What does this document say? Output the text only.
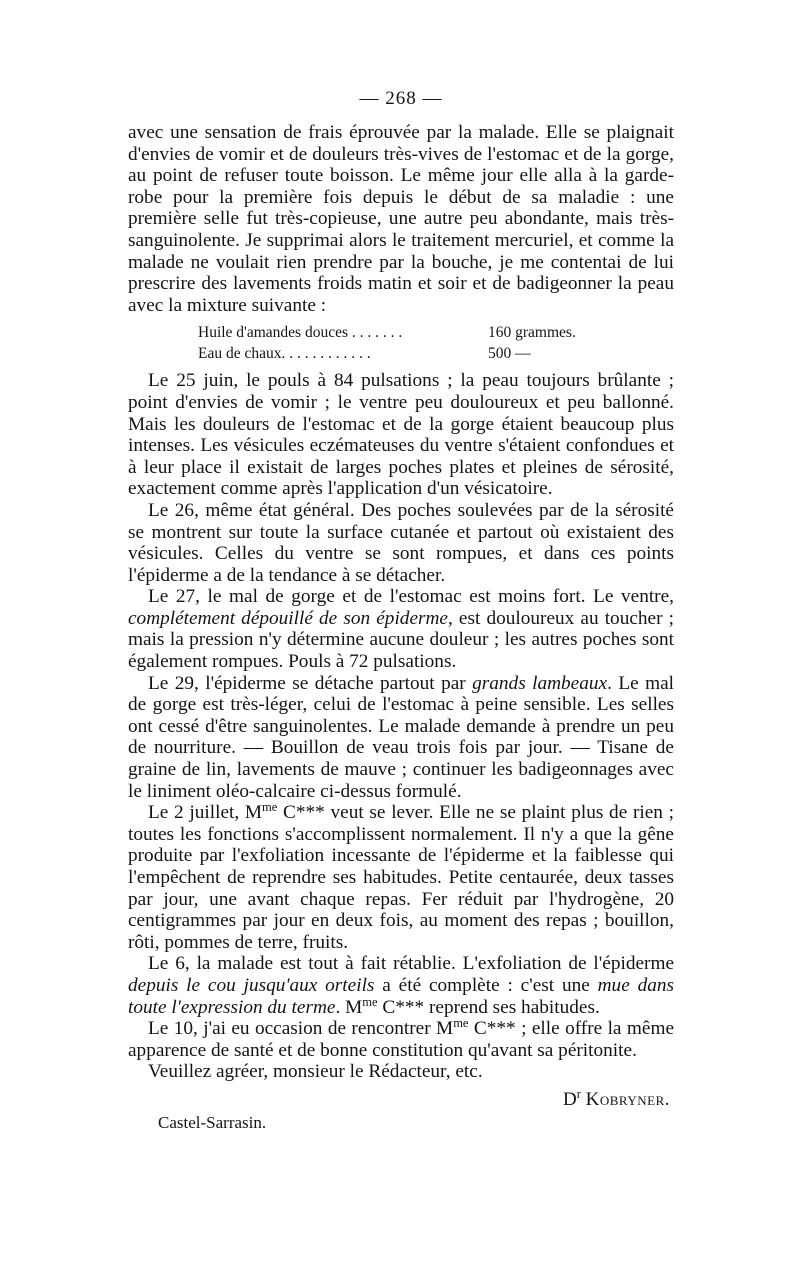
— 268 —

avec une sensation de frais éprouvée par la malade. Elle se plaignait d'envies de vomir et de douleurs très-vives de l'estomac et de la gorge, au point de refuser toute boisson. Le même jour elle alla à la garde-robe pour la première fois depuis le début de sa maladie : une première selle fut très-copieuse, une autre peu abondante, mais très-sanguinolente. Je supprimai alors le traitement mercuriel, et comme la malade ne voulait rien prendre par la bouche, je me contentai de lui prescrire des lavements froids matin et soir et de badigeonner la peau avec la mixture suivante :

Huile d'amandes douces . . . . . . .	160 grammes.
Eau de chaux. . . . . . . . . . . .	500 —

Le 25 juin, le pouls à 84 pulsations ; la peau toujours brûlante ; point d'envies de vomir ; le ventre peu douloureux et peu ballonné. Mais les douleurs de l'estomac et de la gorge étaient beaucoup plus intenses. Les vésicules eczémateuses du ventre s'étaient confondues et à leur place il existait de larges poches plates et pleines de sérosité, exactement comme après l'application d'un vésicatoire.

Le 26, même état général. Des poches soulevées par de la sérosité se montrent sur toute la surface cutanée et partout où existaient des vésicules. Celles du ventre se sont rompues, et dans ces points l'épiderme a de la tendance à se détacher.

Le 27, le mal de gorge et de l'estomac est moins fort. Le ventre, complétement dépouillé de son épiderme, est douloureux au toucher ; mais la pression n'y détermine aucune douleur ; les autres poches sont également rompues. Pouls à 72 pulsations.

Le 29, l'épiderme se détache partout par grands lambeaux. Le mal de gorge est très-léger, celui de l'estomac à peine sensible. Les selles ont cessé d'être sanguinolentes. Le malade demande à prendre un peu de nourriture. — Bouillon de veau trois fois par jour. — Tisane de graine de lin, lavements de mauve ; continuer les badigeonnages avec le liniment oléo-calcaire ci-dessus formulé.

Le 2 juillet, $M^{me}$ C*** veut se lever. Elle ne se plaint plus de rien ; toutes les fonctions s'accomplissent normalement. Il n'y a que la gêne produite par l'exfoliation incessante de l'épiderme et la faiblesse qui l'empêchent de reprendre ses habitudes. Petite centaurée, deux tasses par jour, une avant chaque repas. Fer réduit par l'hydrogène, 20 centigrammes par jour en deux fois, au moment des repas ; bouillon, rôti, pommes de terre, fruits.

Le 6, la malade est tout à fait rétablie. L'exfoliation de l'épiderme depuis le cou jusqu'aux orteils a été complète : c'est une mue dans toute l'expression du terme. $M^{me}$ C*** reprend ses habitudes.

Le 10, j'ai eu occasion de rencontrer $M^{me}$ C*** ; elle offre la même apparence de santé et de bonne constitution qu'avant sa péritonite.

Veuillez agréer, monsieur le Rédacteur, etc.

$D^r$ Kobryner.
Castel-Sarrasin.
